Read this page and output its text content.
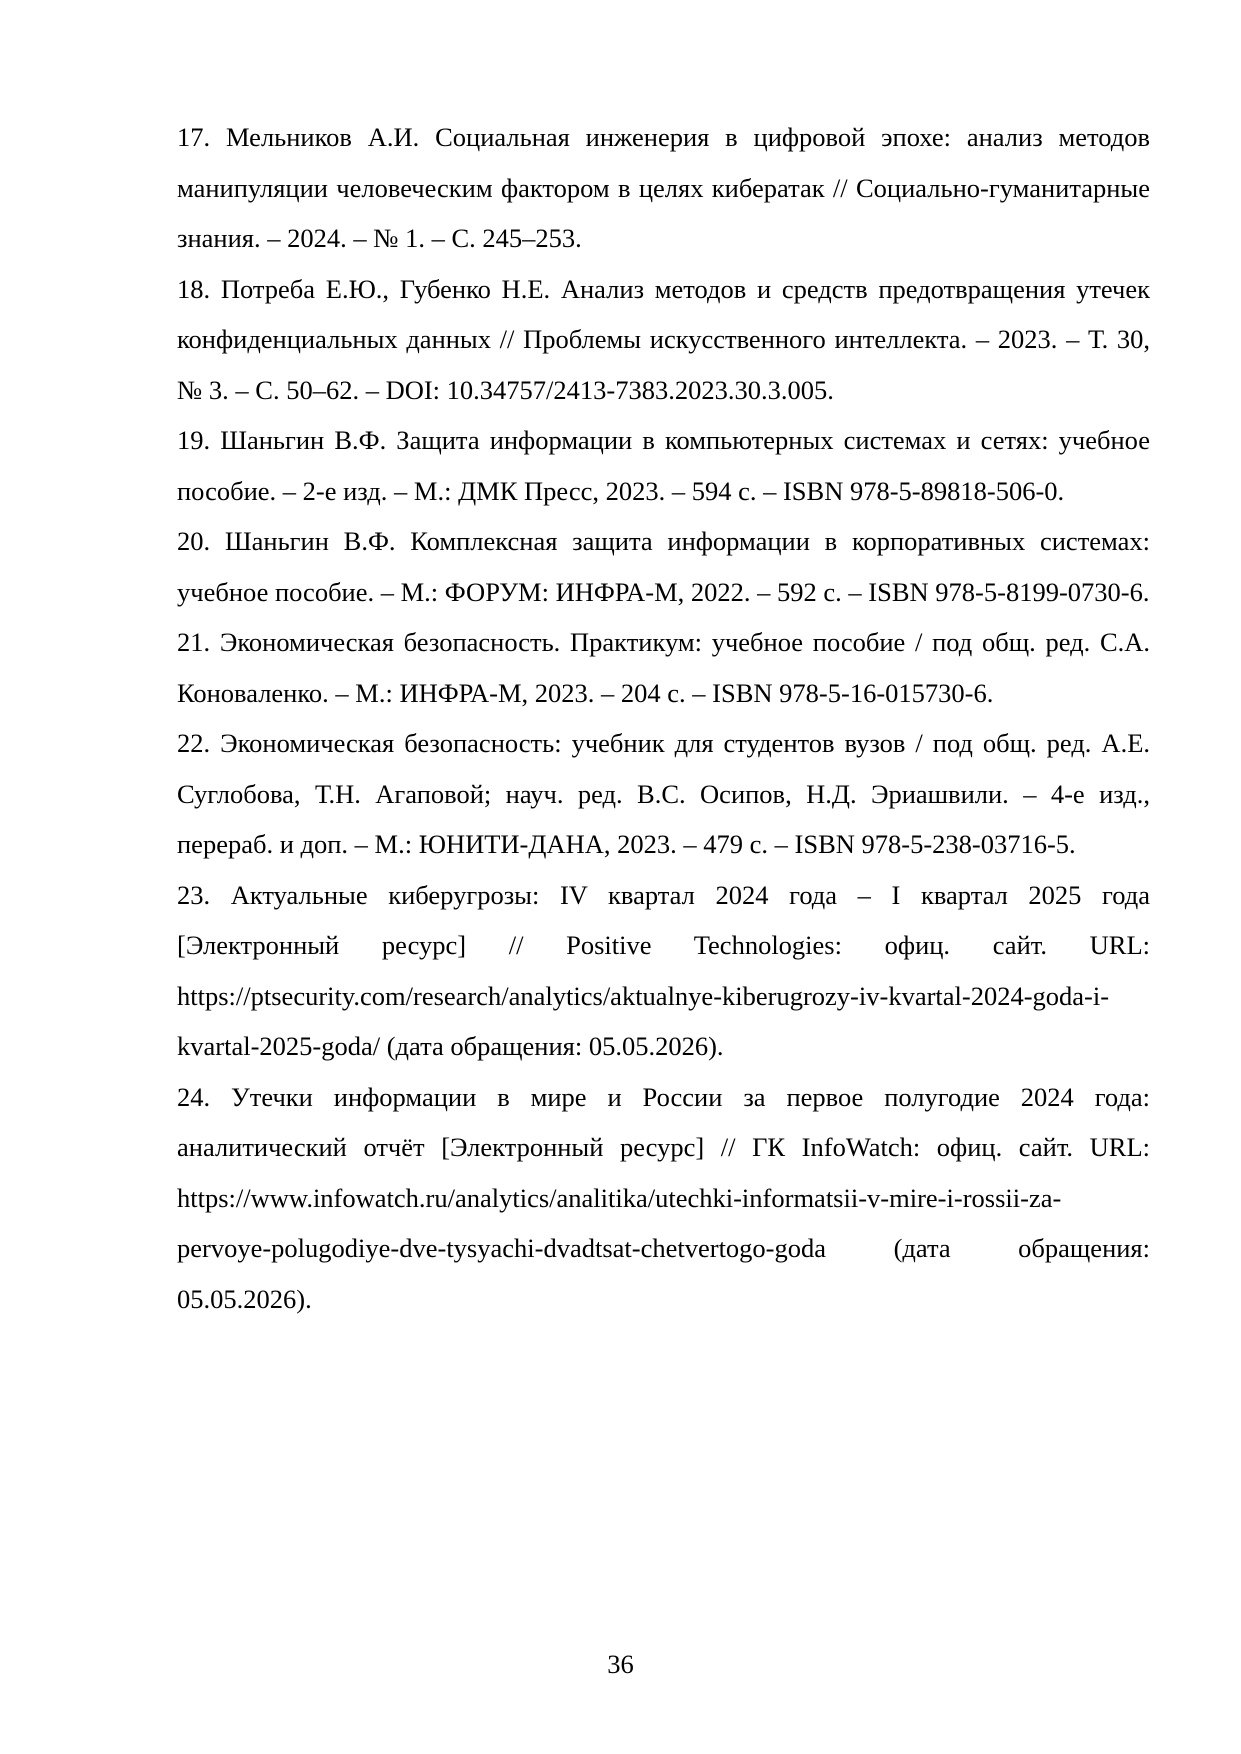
17. Мельников А.И. Социальная инженерия в цифровой эпохе: анализ методов манипуляции человеческим фактором в целях кибератак // Социально-гуманитарные знания. – 2024. – № 1. – С. 245–253.

18. Потреба Е.Ю., Губенко Н.Е. Анализ методов и средств предотвращения утечек конфиденциальных данных // Проблемы искусственного интеллекта. – 2023. – Т. 30, № 3. – С. 50–62. – DOI: 10.34757/2413-7383.2023.30.3.005.

19. Шаньгин В.Ф. Защита информации в компьютерных системах и сетях: учебное пособие. – 2-е изд. – М.: ДМК Пресс, 2023. – 594 с. – ISBN 978-5-89818-506-0.

20. Шаньгин В.Ф. Комплексная защита информации в корпоративных системах: учебное пособие. – М.: ФОРУМ: ИНФРА-М, 2022. – 592 с. – ISBN 978-5-8199-0730-6.

21. Экономическая безопасность. Практикум: учебное пособие / под общ. ред. С.А. Коноваленко. – М.: ИНФРА-М, 2023. – 204 с. – ISBN 978-5-16-015730-6.

22. Экономическая безопасность: учебник для студентов вузов / под общ. ред. А.Е. Суглобова, Т.Н. Агаповой; науч. ред. В.С. Осипов, Н.Д. Эриашвили. – 4-е изд., перераб. и доп. – М.: ЮНИТИ-ДАНА, 2023. – 479 с. – ISBN 978-5-238-03716-5.

23. Актуальные киберугрозы: IV квартал 2024 года – I квартал 2025 года [Электронный ресурс] // Positive Technologies: офиц. сайт. URL: https://ptsecurity.com/research/analytics/aktualnye-kiberugrozy-iv-kvartal-2024-goda-i-kvartal-2025-goda/ (дата обращения: 05.05.2026).

24. Утечки информации в мире и России за первое полугодие 2024 года: аналитический отчёт [Электронный ресурс] // ГК InfoWatch: офиц. сайт. URL: https://www.infowatch.ru/analytics/analitika/utechki-informatsii-v-mire-i-rossii-za-pervoye-polugodiye-dve-tysyachi-dvadtsat-chetvertogo-goda (дата обращения: 05.05.2026).

36
